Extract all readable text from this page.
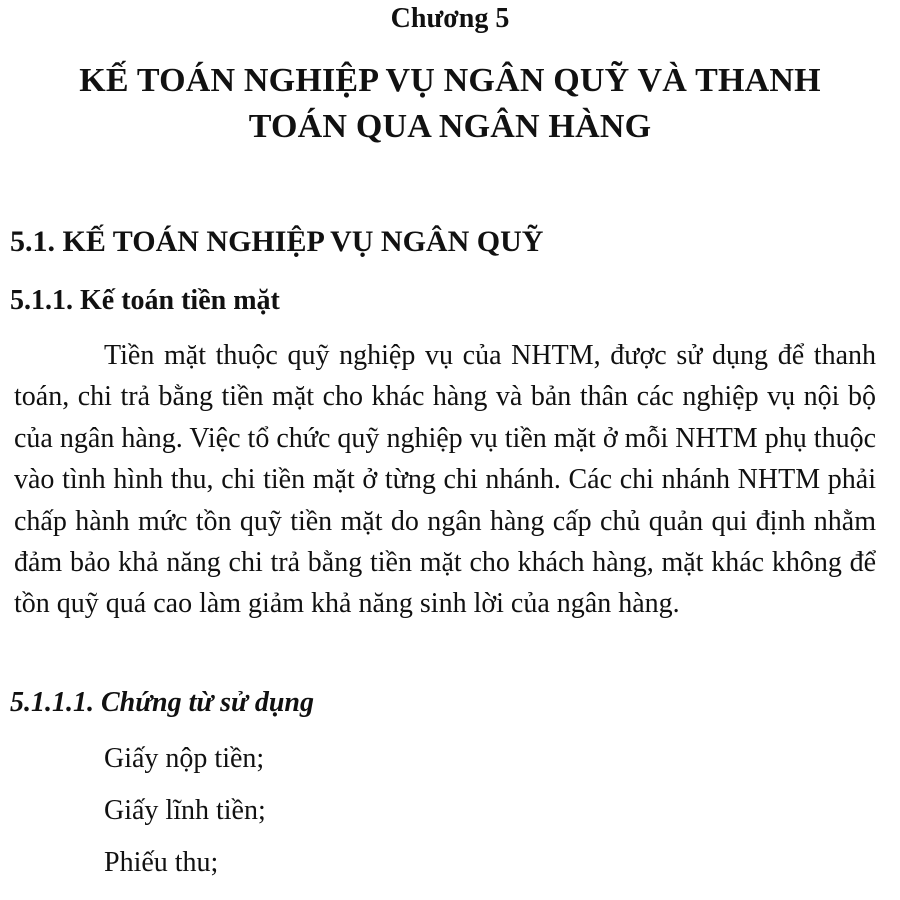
Chương 5
KẾ TOÁN NGHIỆP VỤ NGÂN QUỸ VÀ THANH
TOÁN QUA NGÂN HÀNG
5.1. KẾ TOÁN NGHIỆP VỤ NGÂN QUỸ
5.1.1. Kế toán tiền mặt

Tiền mặt thuộc quỹ nghiệp vụ của NHTM, được sử dụng để thanh toán, chi trả bằng tiền mặt cho khác hàng và bản thân các nghiệp vụ nội bộ của ngân hàng. Việc tổ chức quỹ nghiệp vụ tiền mặt ở mỗi NHTM phụ thuộc vào tình hình thu, chi tiền mặt ở từng chi nhánh. Các chi nhánh NHTM phải chấp hành mức tồn quỹ tiền mặt do ngân hàng cấp chủ quản qui định nhằm đảm bảo khả năng chi trả bằng tiền mặt cho khách hàng, mặt khác không để tồn quỹ quá cao làm giảm khả năng sinh lời của ngân hàng.

5.1.1.1. Chứng từ sử dụng
Giấy nộp tiền;
Giấy lĩnh tiền;
Phiếu thu;
